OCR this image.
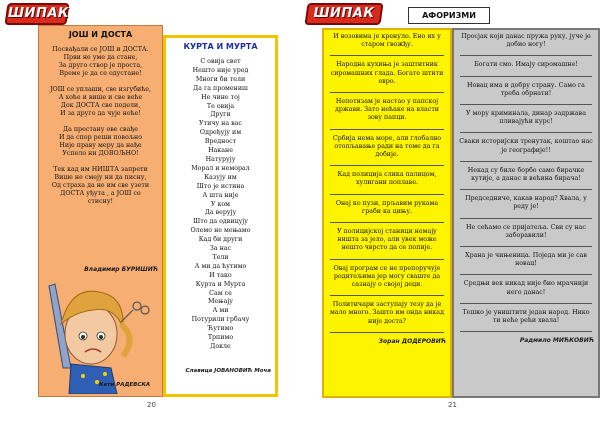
ШИПАК
ЈОШ И ДОСТА
Посвађали се ЈОШ и ДОСТА.
Први не уме да стане,
За друго створ је проста,
Време је да се одустане!
ЈОШ се уплаши, све изгубиће,
А хоће и више и све веће
Док ДОСТА све подели,
И за друго да чује неће!
Да престану ове свађе
И да спор реши повољно
Није праву меру да нађе
Успело ни ДОВОЉНО!
Тек кад им НИШТА запрети
Више не смеју ни да писну,
Од страха да не им све узети
ДОСТА уђута , а ЈОШ се
стисну!
Владимир БУРИШИЋ
Кети РАДЕВСКА
КУРТА И МУРТА
С овија свет
Нешто није уред
Многи би тели
Да га промениш
Не чине тој
Те овија
Други
Утичу на вас
Одређују им
Вредност
Накане
Натурују
Морал и неморал
Казују им
Што је истина
А шта није
У ком
Да верују
Што да одвицују
Олемо не мењамо
Кад би други
За нас
Тели
А ми да ћутимо
И тако
Курта и Мурта
Сам се
Мењају
А ми
Потурили грбачу
Ћутимо
Трпимо
Докле
Славица ЈОВАНОВИЋ Моча
20
ШИПАК	АФОРИЗМИ
И возовима је кренуло. Ено их у старом гвожђу.
Народна кухиња је заштитник сиромашних глада. Богате штити евро.
Непотизам је настао у папској држави. Зато нећаке на власти зову папци.
Србија нема море, али глобално отопљавање ради на томе да га добије.
Кад полиција слика палицом, хулигани поплаве.
Онај ко пузи, прљавим рукама граби ка цињу.
У полицијској станици немају ништа за јело, али увек може нешто чврсто да се попије.
Овај програм се не препоручује родитељима јер могу сваште да сазнају о својој деци.
Политичари заступају тезу да је мало много. Зашто им онда никад није доста?
Зоран ДОДЕРОВИЋ
Просјак који данас пружа руку, јуче је добио ногу!
Богати смо. Имају сиромашне!
Новац има и добру страну. Само га треба обрнати!
У мору криминала, динар задржава пливајући курс!
Сваки историјски тренутак, коштао нас је географије!!
Некад су биле борбе само бирачке кутије, а данас и већина бирача!
Председниче, какав народ? Хвала, у реду је!
Не сећамо се пријатеља. Сви су нас заборавили!
Храна је чињеница. Поједа ми је сав новац!
Средњи век никад није био мрачнији него данас!
Тешко је уништити један народ. Нико ти неће рећи хвала!
Радмило МИЋКОВИЋ
21
